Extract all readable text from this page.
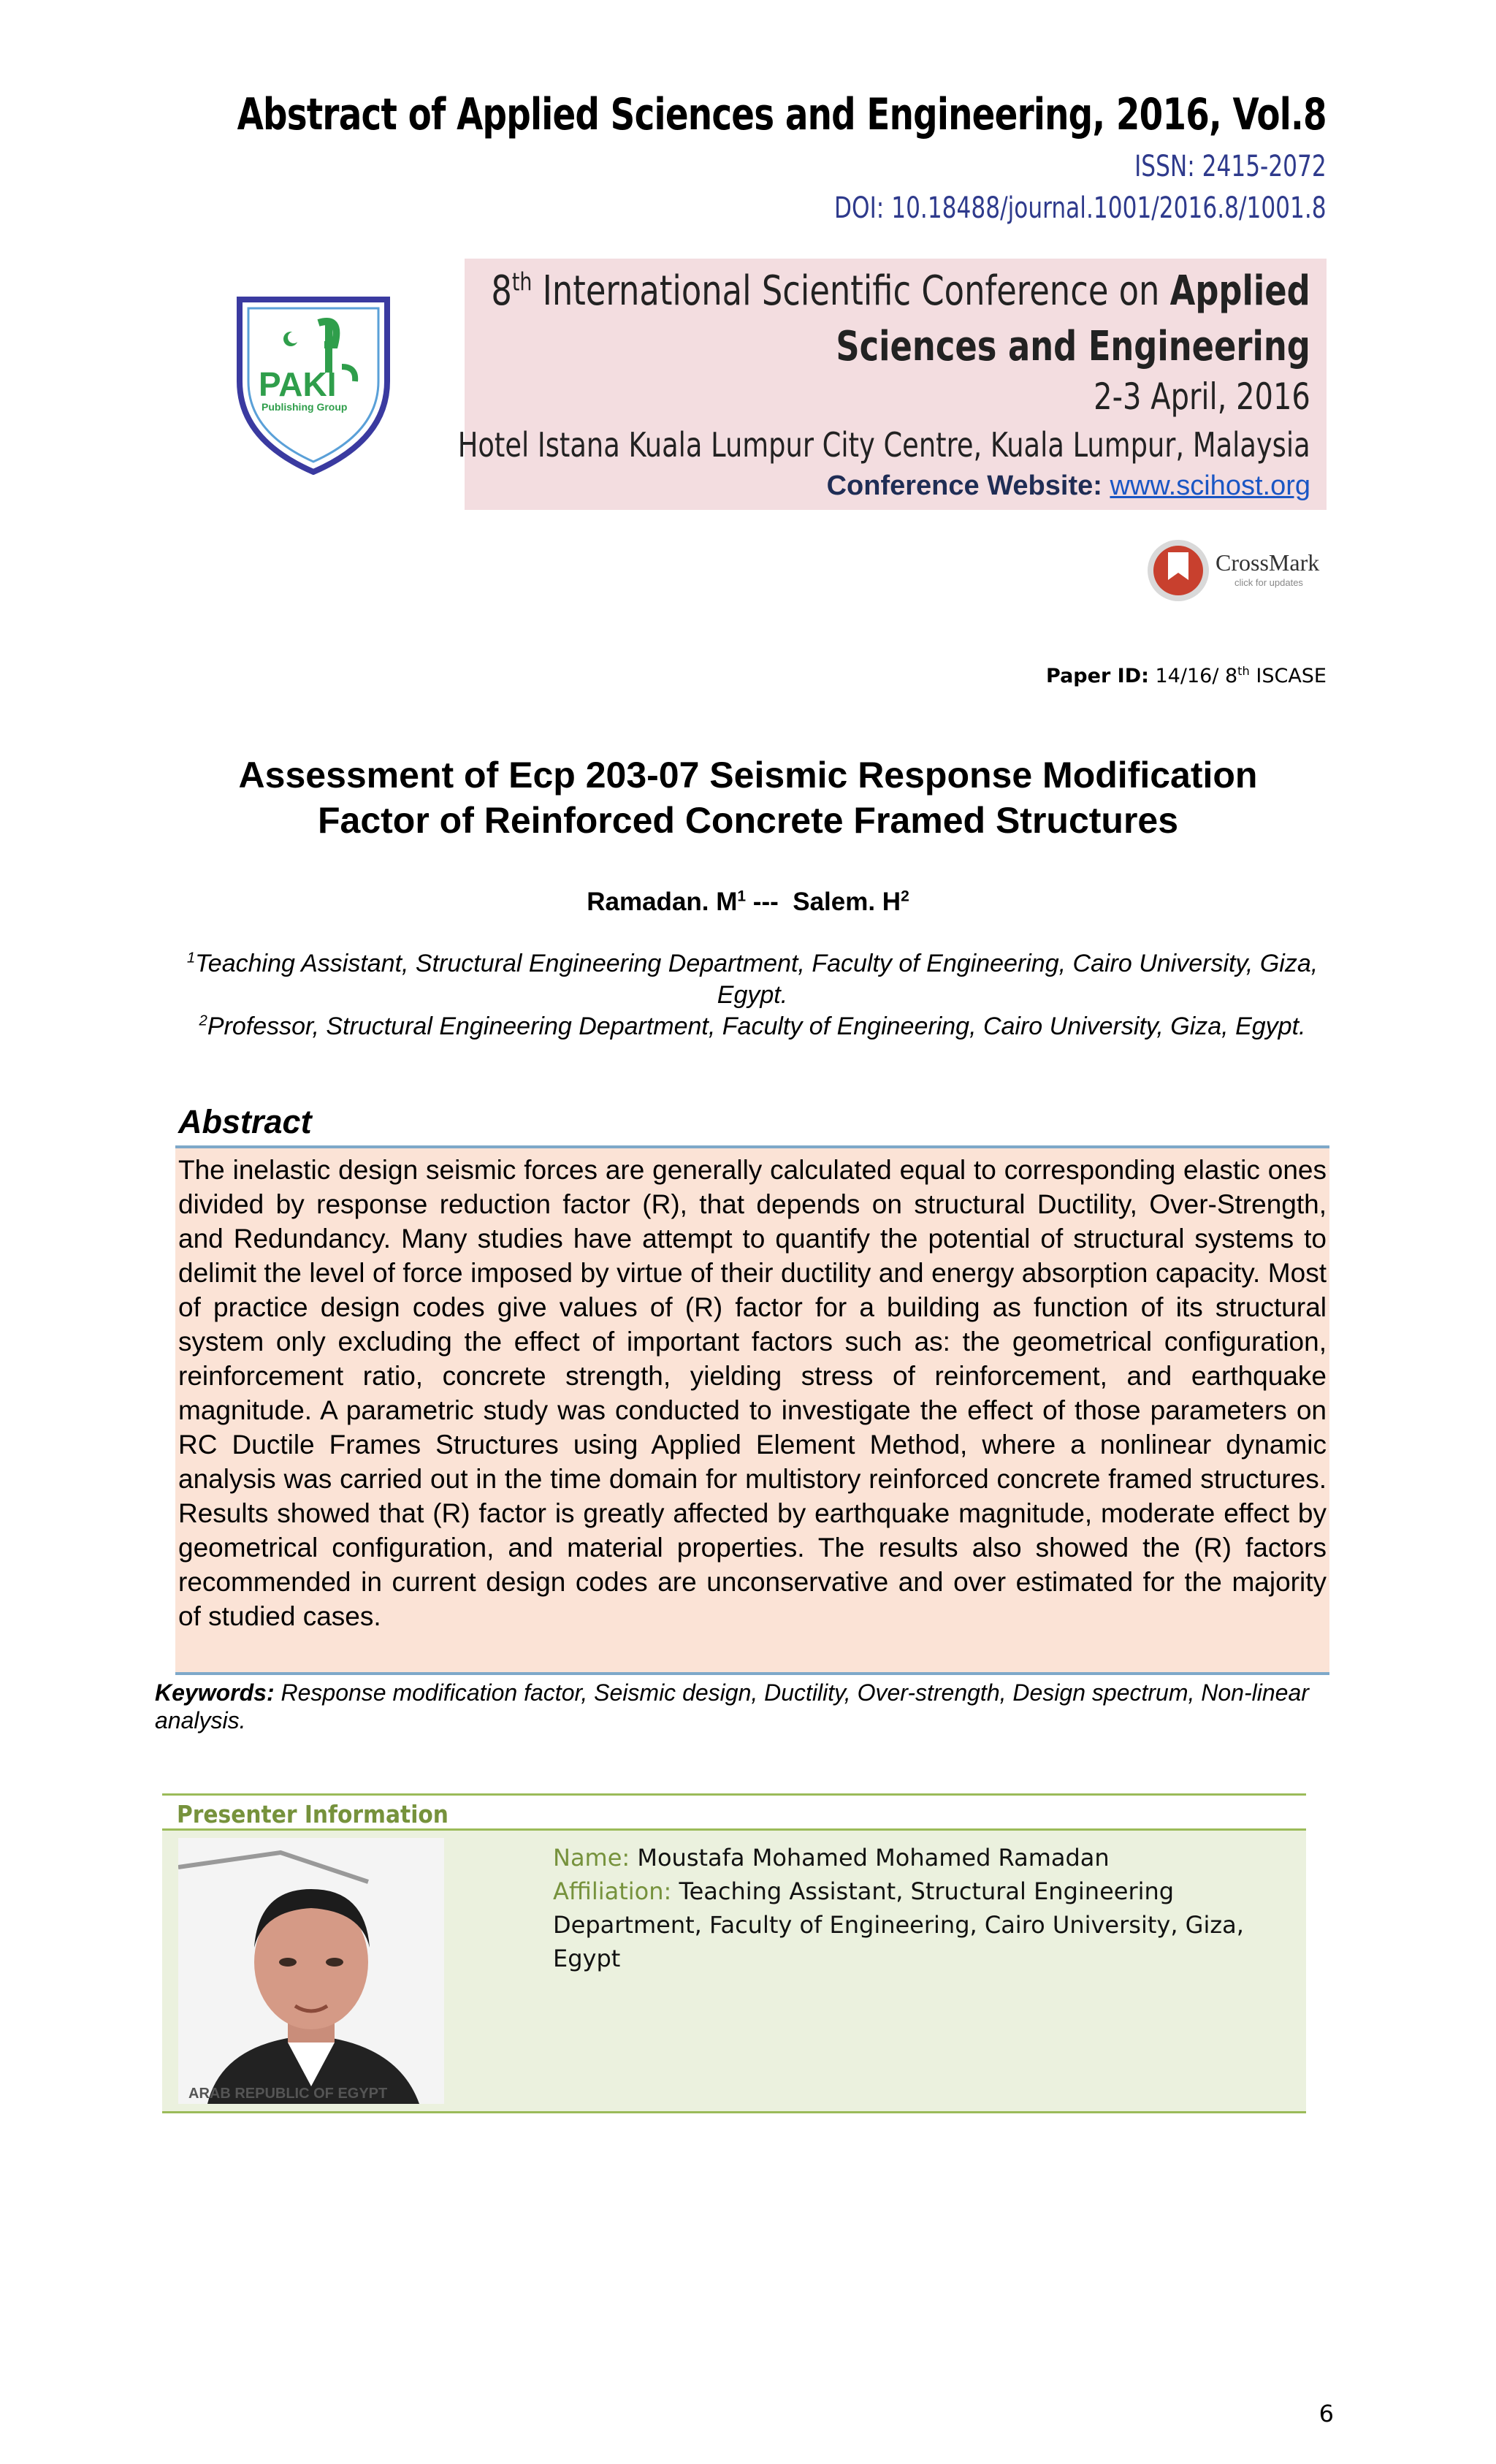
Abstract of Applied Sciences and Engineering, 2016, Vol.8
ISSN: 2415-2072
DOI: 10.18488/journal.1001/2016.8/1001.8
PAKI
Publishing Group
8th International Scientific Conference on Applied
Sciences and Engineering
2-3 April, 2016
Hotel Istana Kuala Lumpur City Centre, Kuala Lumpur, Malaysia
Conference Website: www.scihost.org
CrossMark
click for updates
Paper ID: 14/16/ 8th ISCASE
Assessment of Ecp 203-07 Seismic Response Modification
Factor of Reinforced Concrete Framed Structures
Ramadan. $M^1$ ---  Salem. $H^2$
$^1$Teaching Assistant, Structural Engineering Department, Faculty of Engineering, Cairo University, Giza, Egypt.
$^2$Professor, Structural Engineering Department, Faculty of Engineering, Cairo University, Giza, Egypt.
Abstract
The inelastic design seismic forces are generally calculated equal to corresponding elastic ones divided by response reduction factor (R), that depends on structural Ductility, Over-Strength, and Redundancy. Many studies have attempt to quantify the potential of structural systems to delimit the level of force imposed by virtue of their ductility and energy absorption capacity. Most of practice design codes give values of (R) factor for a building as function of its structural system only excluding the effect of important factors such as: the geometrical configuration, reinforcement ratio, concrete strength, yielding stress of reinforcement, and earthquake magnitude. A parametric study was conducted to investigate the effect of those parameters on RC Ductile Frames Structures using Applied Element Method, where a nonlinear dynamic analysis was carried out in the time domain for multistory reinforced concrete framed structures. Results showed that (R) factor is greatly affected by earthquake magnitude, moderate effect by geometrical configuration, and material properties. The results also showed the (R) factors recommended in current design codes are unconservative and over estimated for the majority of studied cases.
Keywords: Response modification factor, Seismic design, Ductility, Over-strength, Design spectrum, Non-linear analysis.
Presenter Information
ARAB REPUBLIC OF EGYPT
Name: Moustafa Mohamed Mohamed Ramadan
Affiliation: Teaching Assistant, Structural Engineering Department, Faculty of Engineering, Cairo University, Giza, Egypt
6
